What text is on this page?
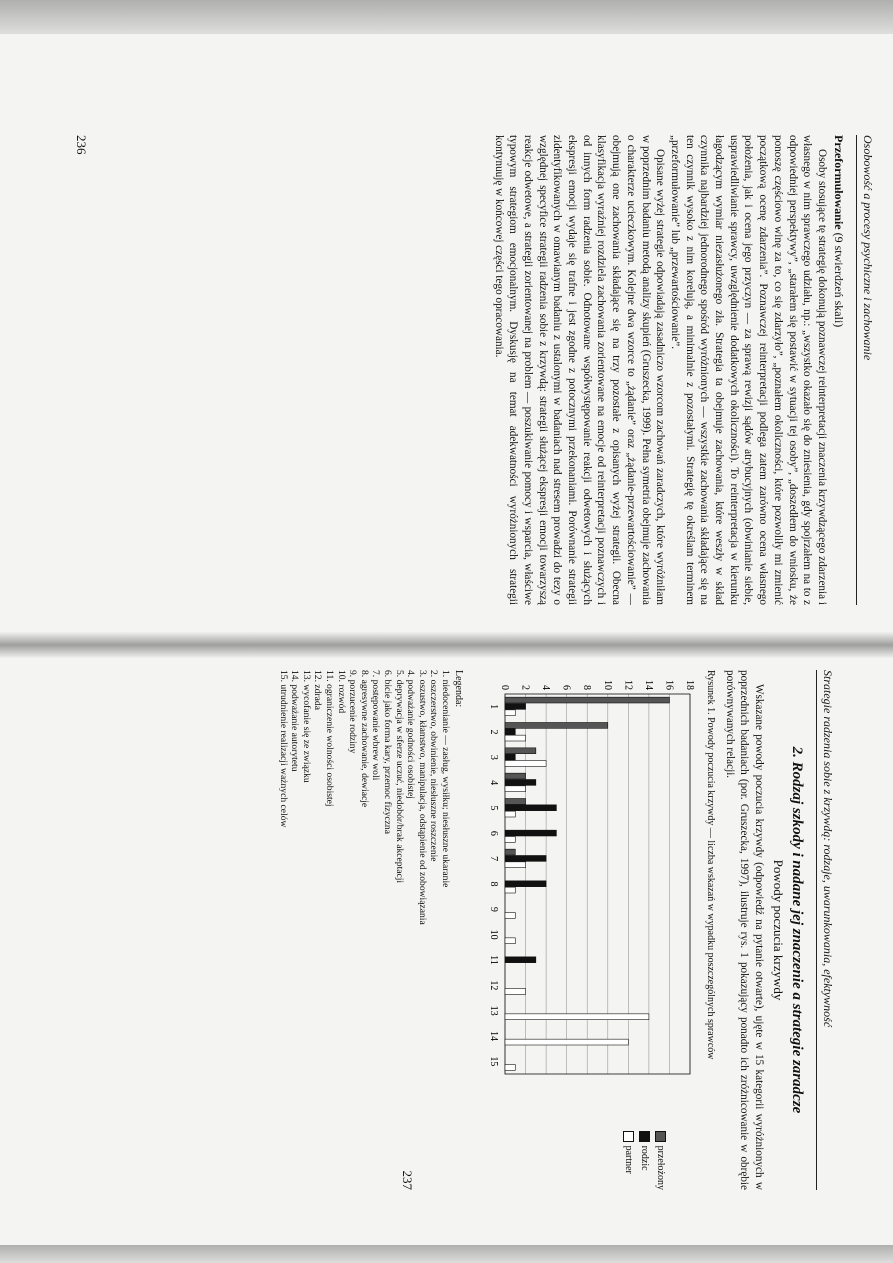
Osobowość a procesy psychiczne i zachowanie
Przeformułowanie (9 stwierdzeń skali)

Osoby stosujące tę strategię dokonują poznawczej reinterpretacji znaczenia krzywdzącego zdarzenia i własnego w nim sprawczego udziału, np.: „wszystko okazało się do zniesienia, gdy spojrzałem na to z odpowiedniej perspektywy”, „starałem się postawić w sytuacji tej osoby”, „doszedłem do wniosku, że ponoszę częściowo winę za to, co się zdarzyło”, „poznałem okoliczności, które pozwoliły mi zmienić początkową ocenę zdarzenia”. Poznawczej reinterpretacji podlega zatem zarówno ocena własnego położenia, jak i ocena jego przyczyn — za sprawą rewizji sądów atrybucyjnych (obwinianie siebie, usprawiedliwianie sprawcy, uwzględnienie dodatkowych okoliczności). To reinterpretacja w kierunku łagodzącym wymiar niezasłużonego zła. Strategia ta obejmuje zachowania, które weszły w skład czynnika najbardziej jednorodnego spośród wyróżnionych — wszystkie zachowania składające się na ten czynnik wysoko z nim korelują, a minimalnie z pozostałymi. Strategię tę określam terminem „przeformułowanie” lub „przewartościowanie”.

Opisane wyżej strategie odpowiadają zasadniczo wzorcom zachowań zaradczych, które wyróżniłam w poprzednim badaniu metodą analizy skupień (Gruszecka, 1999). Pełna symetria obejmuje zachowania o charakterze ucieczkowym. Kolejne dwa wzorce to „żądanie” oraz „żądanie-przewartościowanie” — obejmują one zachowania składające się na trzy pozostałe z opisanych wyżej strategii. Obecna klasyfikacja wyraźniej rozdziela zachowania zorientowane na emocje od reinterpretacji poznawczych i od innych form radzenia sobie. Odnotowane współwystępowanie reakcji odwetowych i służących ekspresji emocji wydaje się trafne i jest zgodne z potocznymi przekonaniami. Porównanie strategii zidentyfikowanych w omawianym badaniu z ustalonymi w badaniach nad stresem prowadzi do tezy o względnej specyfice strategii radzenia sobie z krzywdą: strategii służącej ekspresji emocji towarzyszą reakcje odwetowe, a strategii zorientowanej na problem — poszukiwanie pomocy i wsparcia, właściwe typowym strategiom emocjonalnym. Dyskusję na temat adekwatności wyróżnionych strategii kontynuuję w końcowej części tego opracowania.

236
Strategie radzenia sobie z krzywdą: rodzaje, uwarunkowania, efektywność
2. Rodzaj szkody i nadane jej znaczenie a strategie zaradcze
Powody poczucia krzywdy

Wskazane powody poczucia krzywdy (odpowiedź na pytanie otwarte), ujęte w 15 kategorii wyróżnionych w poprzednich badaniach (por. Gruszecka, 1997), ilustruje rys. 1 pokazujący ponadto ich zróżnicowanie w obrębie porównywanych relacji.

Rysunek 1. Powody poczucia krzywdy — liczba wskazań w wypadku poszczególnych sprawców
0 2 4 6 8 10 12 14 16 18
1
2
3
4
5
6
7
8
9
10
11
12
13
14
15
przełożony
rodzic
partner
Legenda:
1. niedocenianie — zasług, wysiłku; niesłuszne ukaranie
2. oszczerstwo, obwinienie, niesłuszne roszczenie
3. oszustwo, kłamstwo, manipulacja, odstąpienie od zobowiązania
4. podważanie godności osobistej
5. deprywacja w sferze uczuć, niedobór/brak akceptacji
6. bicie jako forma kary, przemoc fizyczna
7. postępowanie wbrew woli
8. agresywne zachowanie, dewiacje
9. porzucenie rodziny
10. rozwód
11. ograniczenie wolności osobistej
12. zdrada
13. wycofanie się ze związku
14. podważanie autorytetu
15. utrudnienie realizacji ważnych celów
237
